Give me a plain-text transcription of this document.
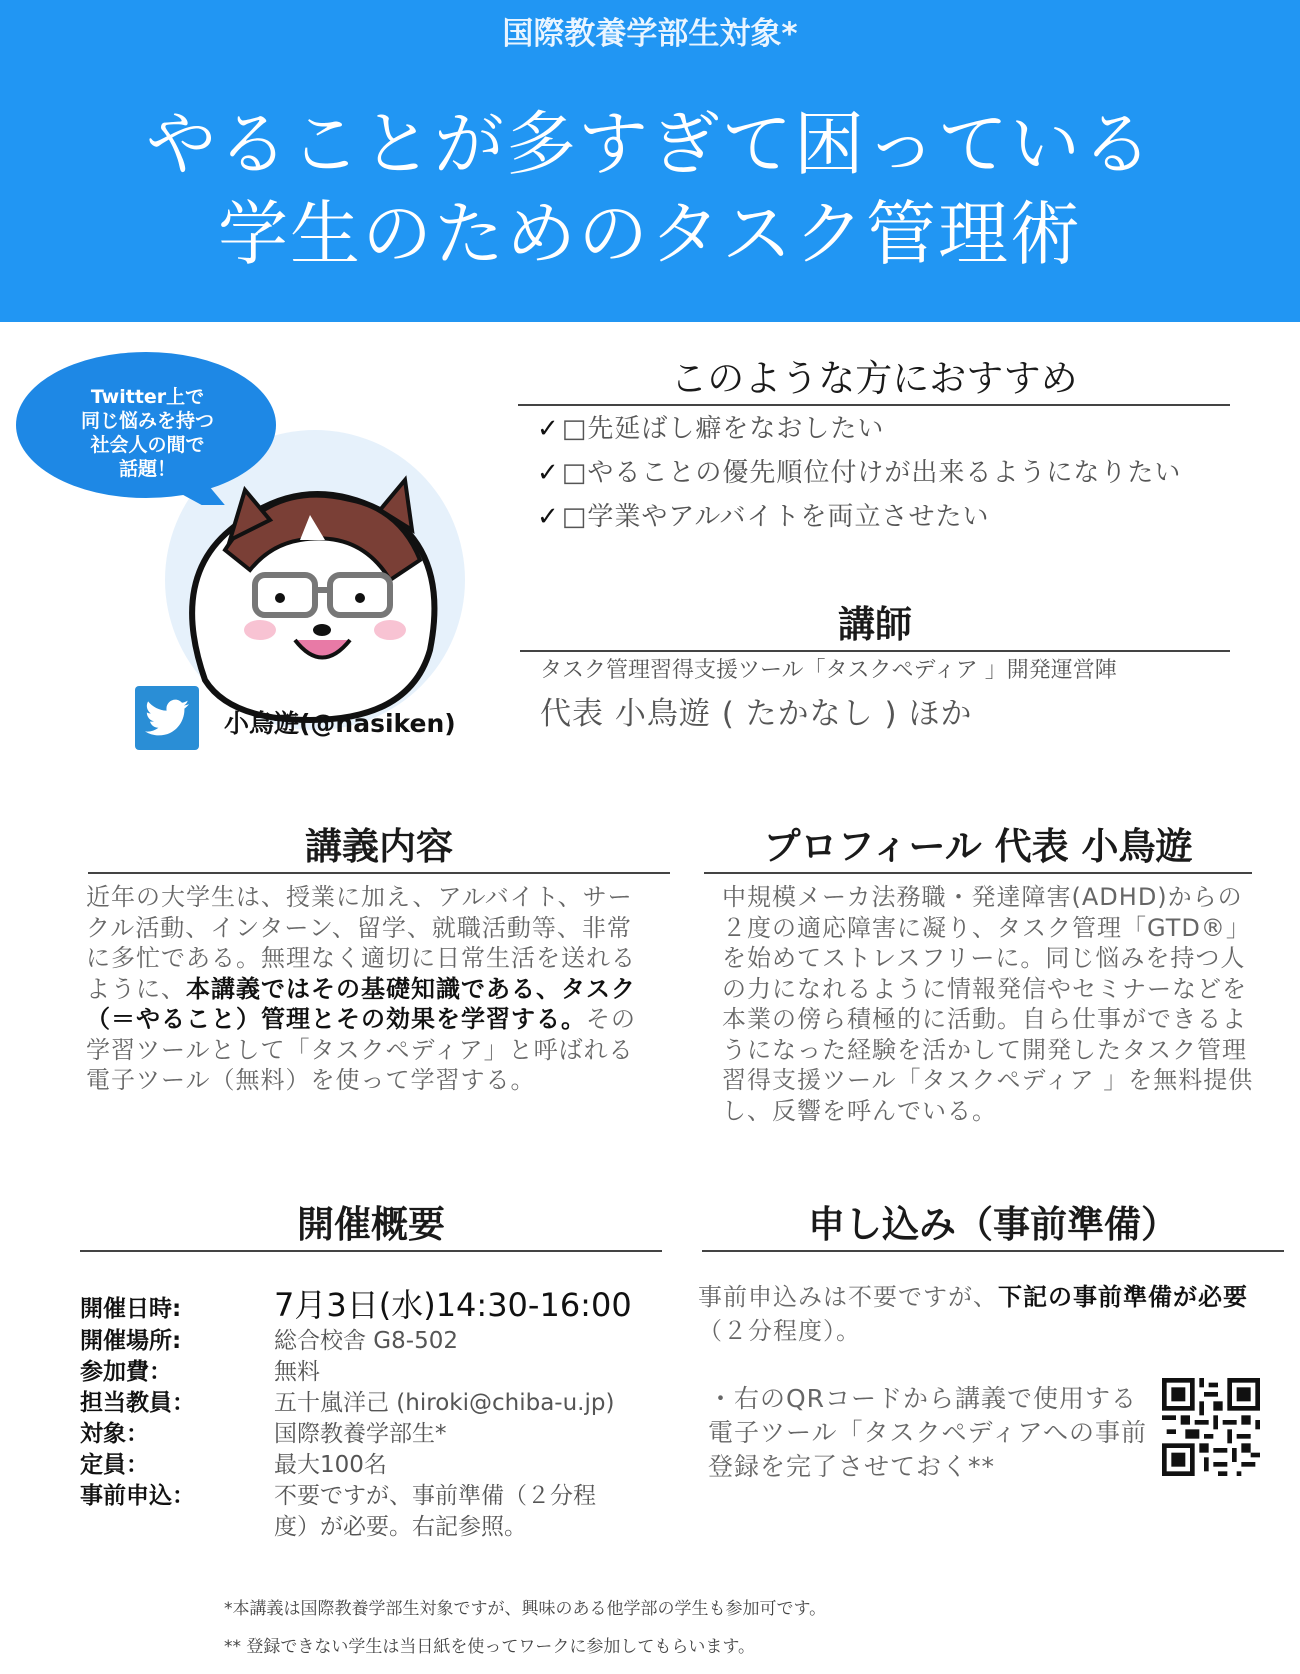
国際教養学部生対象*
やることが多すぎて困っている
学生のためのタスク管理術
Twitter上で
同じ悩みを持つ
社会人の間で
話題！
小鳥遊(@nasiken)
このような方におすすめ
✓□先延ばし癖をなおしたい
✓□やることの優先順位付けが出来るようになりたい
✓□学業やアルバイトを両立させたい
講師
タスク管理習得支援ツール「タスクペディア 」開発運営陣
代表 小鳥遊 ( たかなし ) ほか
講義内容
近年の大学生は、授業に加え、アルバイト、サークル活動、インターン、留学、就職活動等、非常に多忙である。無理なく適切に日常生活を送れるように、本講義ではその基礎知識である、タスク（＝やること）管理とその効果を学習する。その学習ツールとして「タスクペディア」と呼ばれる電子ツール（無料）を使って学習する。
プロフィール 代表 小鳥遊
中規模メーカ法務職・発達障害(ADHD)からの２度の適応障害に凝り、タスク管理「GTD®」を始めてストレスフリーに。同じ悩みを持つ人の力になれるように情報発信やセミナーなどを本業の傍ら積極的に活動。自ら仕事ができるようになった経験を活かして開発したタスク管理習得支援ツール「タスクペディア 」を無料提供し、反響を呼んでいる。
開催概要
開催日時:	7月3日(水)14:30-16:00
開催場所:	総合校舎 G8-502
参加費：	無料
担当教員：	五十嵐洋己 (hiroki@chiba-u.jp)
対象：	国際教養学部生*
定員：	最大100名
事前申込：	不要ですが、事前準備（２分程
度）が必要。右記参照。
申し込み（事前準備）
事前申込みは不要ですが、下記の事前準備が必要（２分程度）。
・右のQRコードから講義で使用する電子ツール「タスクペディアへの事前登録を完了させておく**
*本講義は国際教養学部生対象ですが、興味のある他学部の学生も参加可です。
** 登録できない学生は当日紙を使ってワークに参加してもらいます。
